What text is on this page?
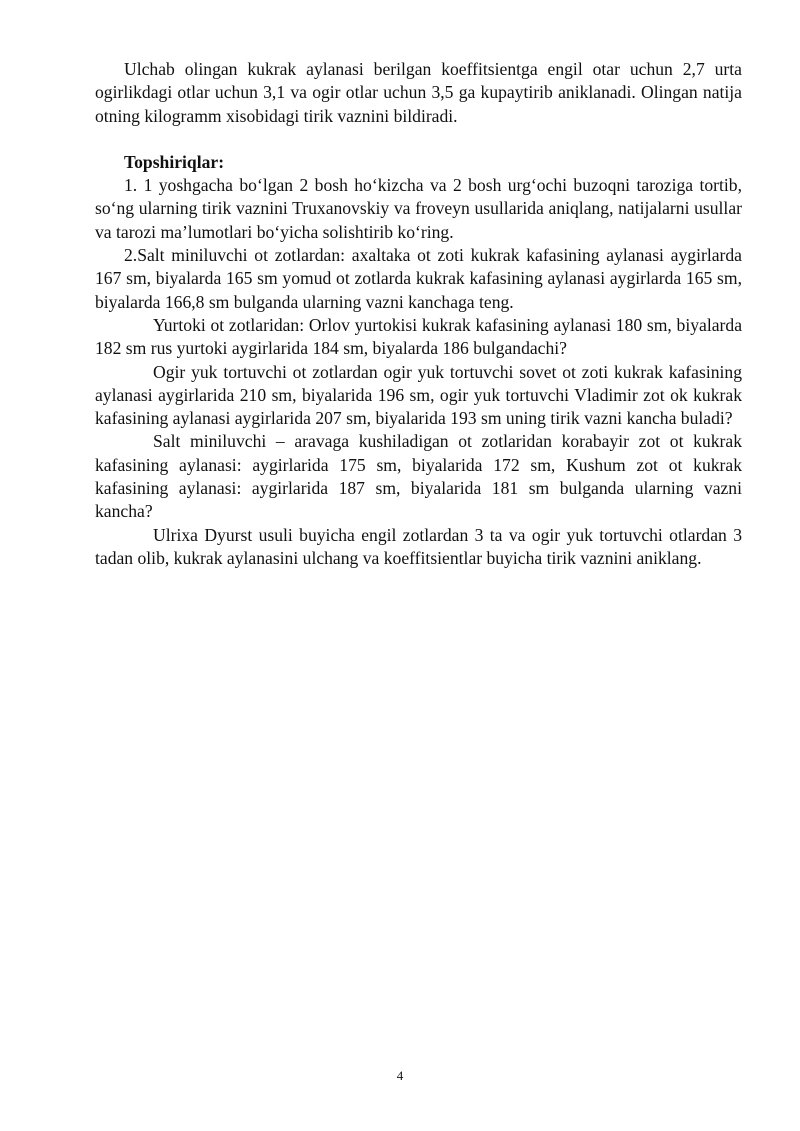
Ulchab olingan kukrak aylanasi berilgan koeffitsientga engil otar uchun 2,7 urta ogirlikdagi otlar uchun 3,1 va ogir otlar uchun 3,5 ga kupaytirib aniklanadi. Olingan natija otning kilogramm xisobidagi tirik vaznini bildiradi.

Topshiriqlar:

1. 1 yoshgacha bo‘lgan 2 bosh ho‘kizcha va 2 bosh urg‘ochi buzoqni taroziga tortib, so‘ng ularning tirik vaznini Truxanovskiy va froveyn usullarida aniqlang, natijalarni usullar va tarozi ma’lumotlari bo‘yicha solishtirib ko‘ring.

2.Salt miniluvchi ot zotlardan: axaltaka ot zoti kukrak kafasining aylanasi aygirlarda 167 sm, biyalarda 165 sm yomud ot zotlarda kukrak kafasining aylanasi aygirlarda 165 sm, biyalarda 166,8 sm bulganda ularning vazni kanchaga teng.

Yurtoki ot zotlaridan: Orlov yurtokisi kukrak kafasining aylanasi 180 sm, biyalarda 182 sm rus yurtoki aygirlarida 184 sm, biyalarda 186 bulgandachi?

Ogir yuk tortuvchi ot zotlardan ogir yuk tortuvchi sovet ot zoti kukrak kafasining aylanasi aygirlarida 210 sm, biyalarida 196 sm, ogir yuk tortuvchi Vladimir zot ok kukrak kafasining aylanasi aygirlarida 207 sm, biyalarida 193 sm uning tirik vazni kancha buladi?

Salt miniluvchi – aravaga kushiladigan ot zotlaridan korabayir zot ot kukrak kafasining aylanasi: aygirlarida 175 sm, biyalarida 172 sm, Kushum zot ot kukrak kafasining aylanasi: aygirlarida 187 sm, biyalarida 181 sm bulganda ularning vazni kancha?

Ulrixa Dyurst usuli buyicha engil zotlardan 3 ta va ogir yuk tortuvchi otlardan 3 tadan olib, kukrak aylanasini ulchang va koeffitsientlar buyicha tirik vaznini aniklang.

4
